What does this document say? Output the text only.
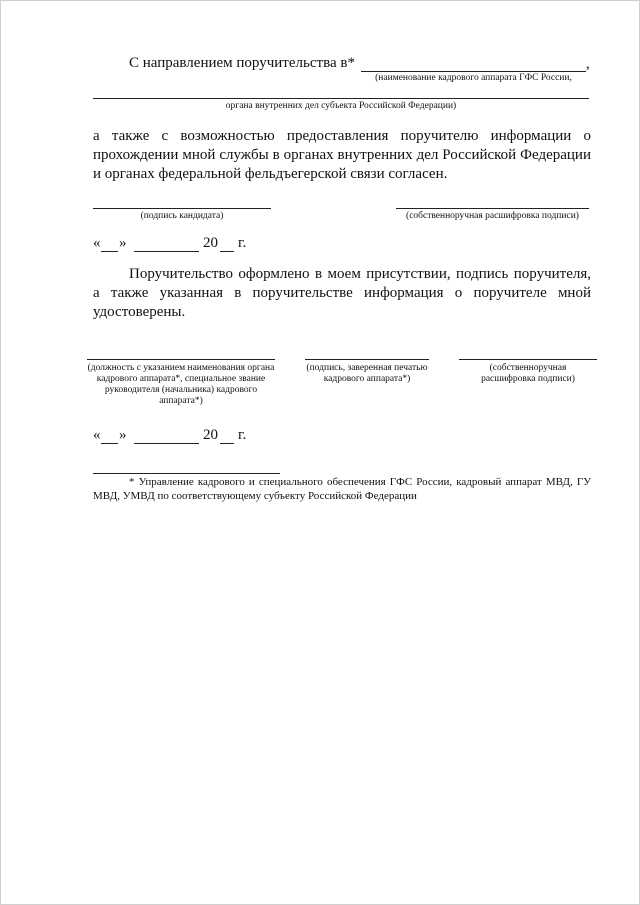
С направлением поручительства в*	,
(наименование кадрового аппарата ГФС России,
органа внутренних дел субъекта Российской Федерации)
а также с возможностью предоставления поручителю информации о прохождении мной службы в органах внутренних дел Российской Федерации и органах федеральной фельдъегерской связи согласен.
(подпись кандидата)	(собственноручная расшифровка подписи)
« »	20 г.
Поручительство оформлено в моем присутствии, подпись поручителя, а также указанная в поручительстве информация о поручителе мной удостоверены.
(должность с указанием наименования органа кадрового аппарата*, специальное звание руководителя (начальника) кадрового аппарата*)
(подпись, заверенная печатью кадрового аппарата*)
(собственноручная расшифровка подписи)
« »	20 г.
* Управление кадрового и специального обеспечения ГФС России, кадровый аппарат МВД, ГУ МВД, УМВД по соответствующему субъекту Российской Федерации
